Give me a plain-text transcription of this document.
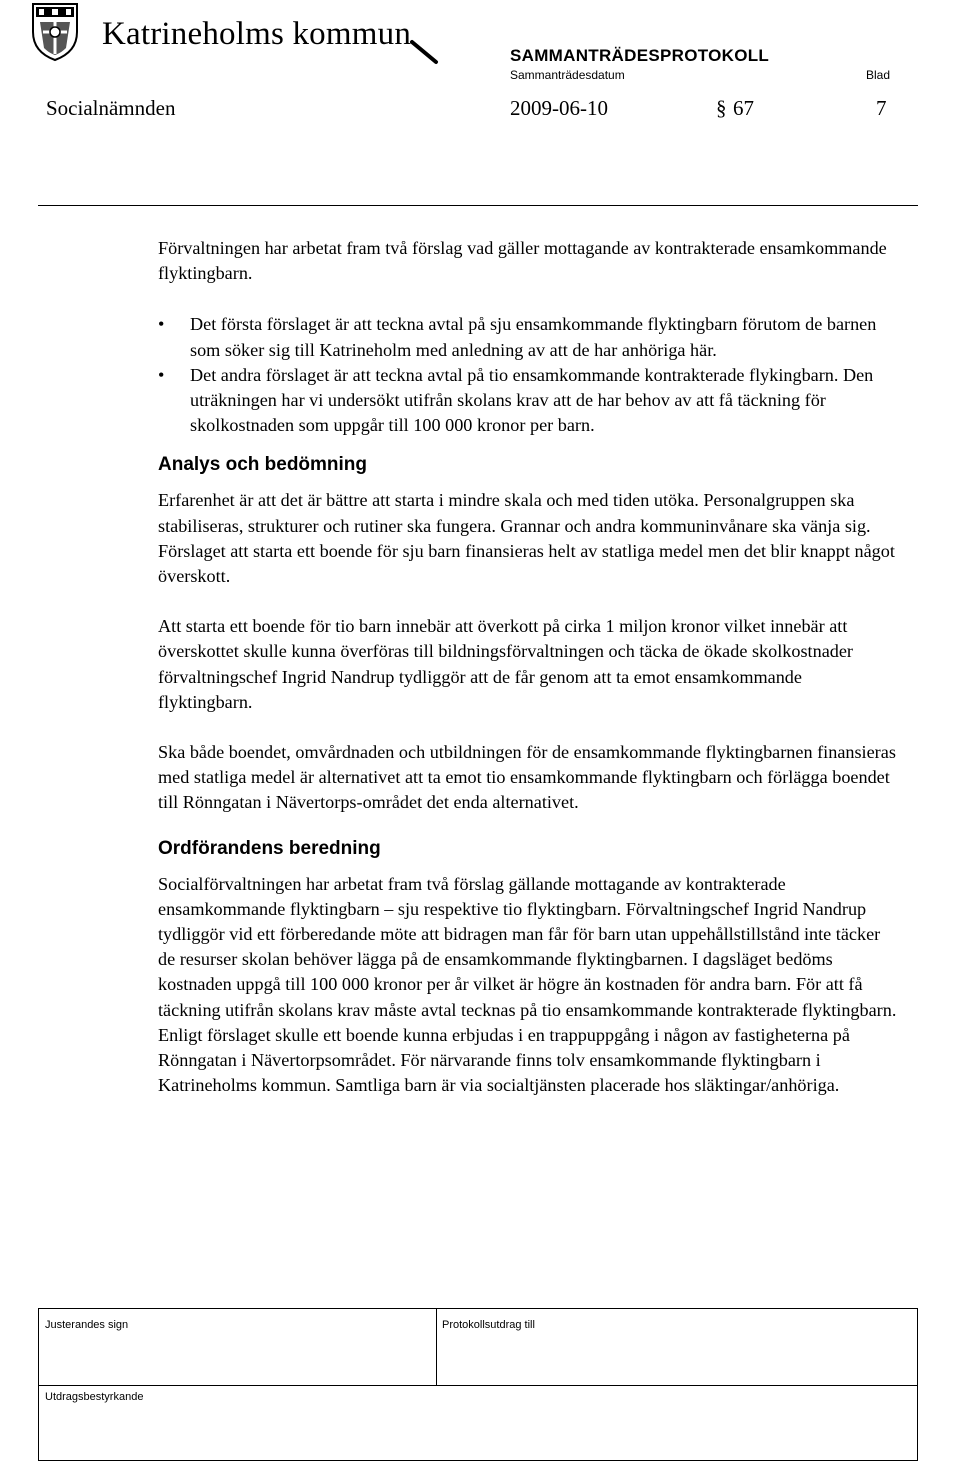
Katrineholms kommun
SAMMANTRÄDESPROTOKOLL
Sammanträdesdatum	Blad
Socialnämnden	2009-06-10	§ 67	7

Förvaltningen har arbetat fram två förslag vad gäller mottagande av kontrakterade ensamkommande flyktingbarn.

• Det första förslaget är att teckna avtal på sju ensamkommande flyktingbarn förutom de barnen som söker sig till Katrineholm med anledning av att de har anhöriga här.
• Det andra förslaget är att teckna avtal på tio ensamkommande kontrakterade flykingbarn. Den uträkningen har vi undersökt utifrån skolans krav att de har behov av att få täckning för skolkostnaden som uppgår till 100 000 kronor per barn.
Analys och bedömning

Erfarenhet är att det är bättre att starta i mindre skala och med tiden utöka. Personalgruppen ska stabiliseras, strukturer och rutiner ska fungera. Grannar och andra kommuninvånare ska vänja sig. Förslaget att starta ett boende för sju barn finansieras helt av statliga medel men det blir knappt något överskott.

Att starta ett boende för tio barn innebär att överkott på cirka 1 miljon kronor vilket innebär att överskottet skulle kunna överföras till bildningsförvaltningen och täcka de ökade skolkostnader förvaltningschef Ingrid Nandrup tydliggör att de får genom att ta emot ensamkommande flyktingbarn.

Ska både boendet, omvårdnaden och utbildningen för de ensamkommande flyktingbarnen finansieras med statliga medel är alternativet att ta emot tio ensamkommande flyktingbarn och förlägga boendet till Rönngatan i Nävertorps-området det enda alternativet.

Ordförandens beredning

Socialförvaltningen har arbetat fram två förslag gällande mottagande av kontrakterade ensamkommande flyktingbarn – sju respektive tio flyktingbarn. Förvaltningschef Ingrid Nandrup tydliggör vid ett förberedande möte att bidragen man får för barn utan uppehållstillstånd inte täcker de resurser skolan behöver lägga på de ensamkommande flyktingbarnen. I dagsläget bedöms kostnaden uppgå till 100 000 kronor per år vilket är högre än kostnaden för andra barn. För att få täckning utifrån skolans krav måste avtal tecknas på tio ensamkommande kontrakterade flyktingbarn. Enligt förslaget skulle ett boende kunna erbjudas i en trappuppgång i någon av fastigheterna på Rönngatan i Nävertorpsområdet. För närvarande finns tolv ensamkommande flyktingbarn i Katrineholms kommun. Samtliga barn är via socialtjänsten placerade hos släktingar/anhöriga.

Justerandes sign	Protokollsutdrag till
Utdragsbestyrkande
